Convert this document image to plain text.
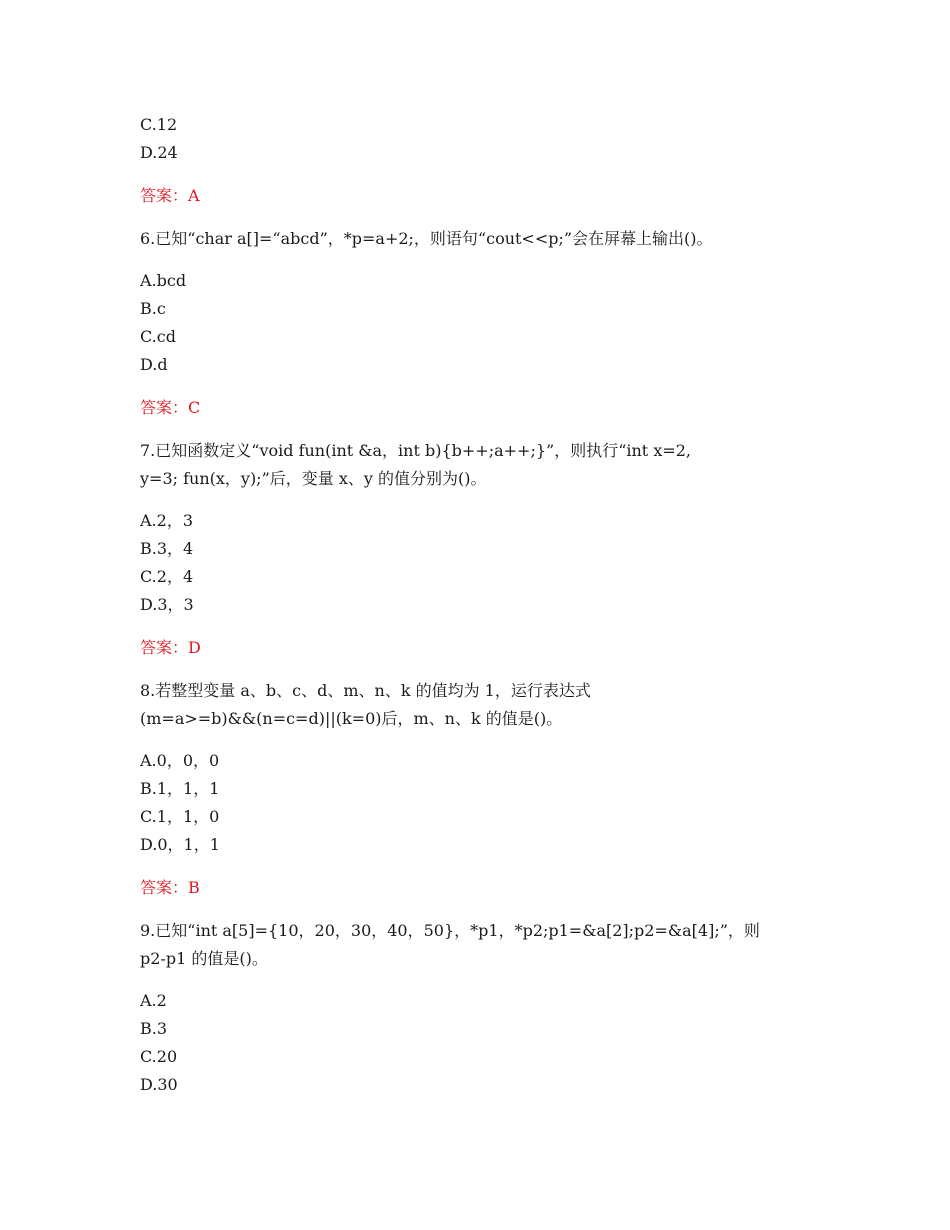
C.12
D.24
答案：A
6.已知“char a[]=“abcd”，*p=a+2;，则语句“cout<<p;”会在屏幕上输出()。
A.bcd
B.c
C.cd
D.d
答案：C
7.已知函数定义“void fun(int &a，int b){b++;a++;}”，则执行“int x=2,
y=3; fun(x，y);”后，变量 x、y 的值分别为()。
A.2，3
B.3，4
C.2，4
D.3，3
答案：D
8.若整型变量 a、b、c、d、m、n、k 的值均为 1，运行表达式
(m=a>=b)&&(n=c=d)||(k=0)后，m、n、k 的值是()。
A.0，0，0
B.1，1，1
C.1，1，0
D.0，1，1
答案：B
9.已知“int a[5]={10，20，30，40，50}，*p1，*p2;p1=&a[2];p2=&a[4];”，则
p2-p1 的值是()。
A.2
B.3
C.20
D.30
